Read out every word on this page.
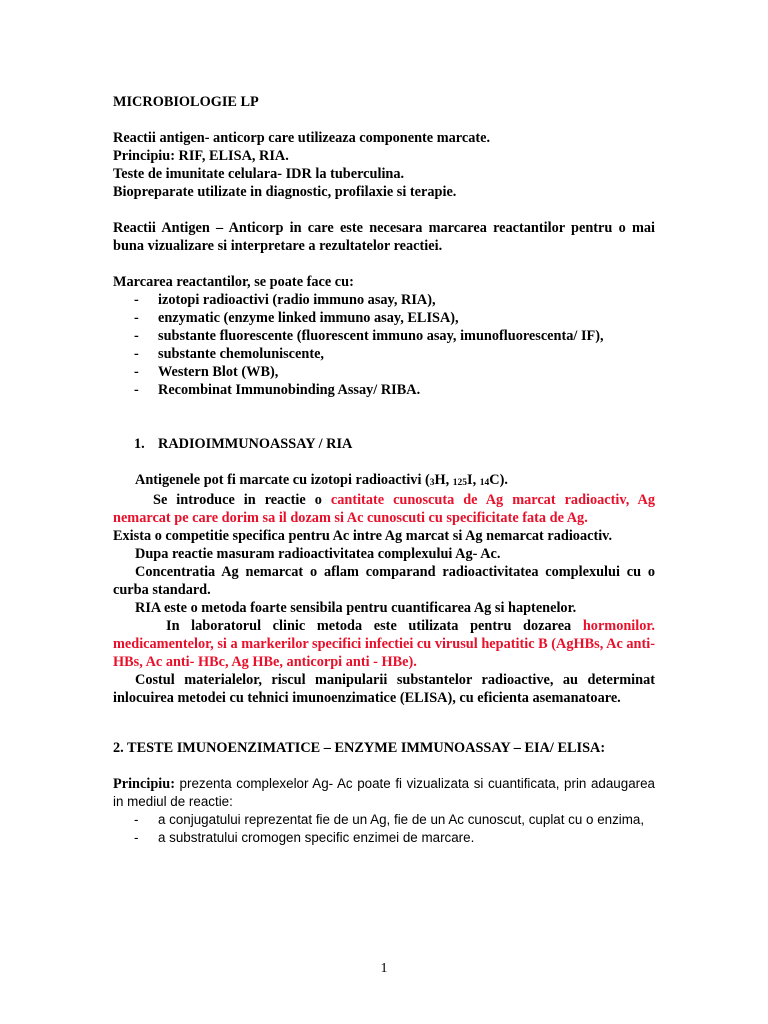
MICROBIOLOGIE LP

Reactii antigen- anticorp care utilizeaza componente marcate.

Principiu: RIF, ELISA, RIA.

Teste de imunitate celulara- IDR la tuberculina.

Biopreparate utilizate in diagnostic, profilaxie si terapie.

Reactii Antigen – Anticorp in care este necesara marcarea reactantilor pentru o mai buna vizualizare si interpretare a rezultatelor reactiei.

Marcarea reactantilor, se poate face cu:

- izotopi radioactivi (radio immuno asay, RIA),
- enzymatic (enzyme linked immuno asay, ELISA),
- substante fluorescente (fluorescent immuno asay, imunofluorescenta/ IF),
- substante chemoluniscente,
- Western Blot (WB),
- Recombinat Immunobinding Assay/ RIBA.

1. RADIOIMMUNOASSAY / RIA

Antigenele pot fi marcate cu izotopi radioactivi ($_3H$, $_{125}$I, $_{14}$C).

Se introduce in reactie o cantitate cunoscuta de Ag marcat radioactiv, Ag nemarcat pe care dorim sa il dozam si Ac cunoscuti cu specificitate fata de Ag.

Exista o competitie specifica pentru Ac intre Ag marcat si Ag nemarcat radioactiv.

Dupa reactie masuram radioactivitatea complexului Ag- Ac.

Concentratia Ag nemarcat o aflam comparand radioactivitatea complexului cu o curba standard.

RIA este o metoda foarte sensibila pentru cuantificarea Ag si haptenelor.

In laboratorul clinic metoda este utilizata pentru dozarea hormonilor. medicamentelor, si a markerilor specifici infectiei cu virusul hepatitic B (AgHBs, Ac anti- HBs, Ac anti- HBc, Ag HBe, anticorpi anti - HBe).

Costul materialelor, riscul manipularii substantelor radioactive, au determinat inlocuirea metodei cu tehnici imunoenzimatice (ELISA), cu eficienta asemanatoare.

2. TESTE IMUNOENZIMATICE – ENZYME IMMUNOASSAY – EIA/ ELISA:

Principiu: prezenta complexelor Ag- Ac poate fi vizualizata si cuantificata, prin adaugarea in mediul de reactie:

- a conjugatului reprezentat fie de un Ag, fie de un Ac cunoscut, cuplat cu o enzima,
- a substratului cromogen specific enzimei de marcare.
1
